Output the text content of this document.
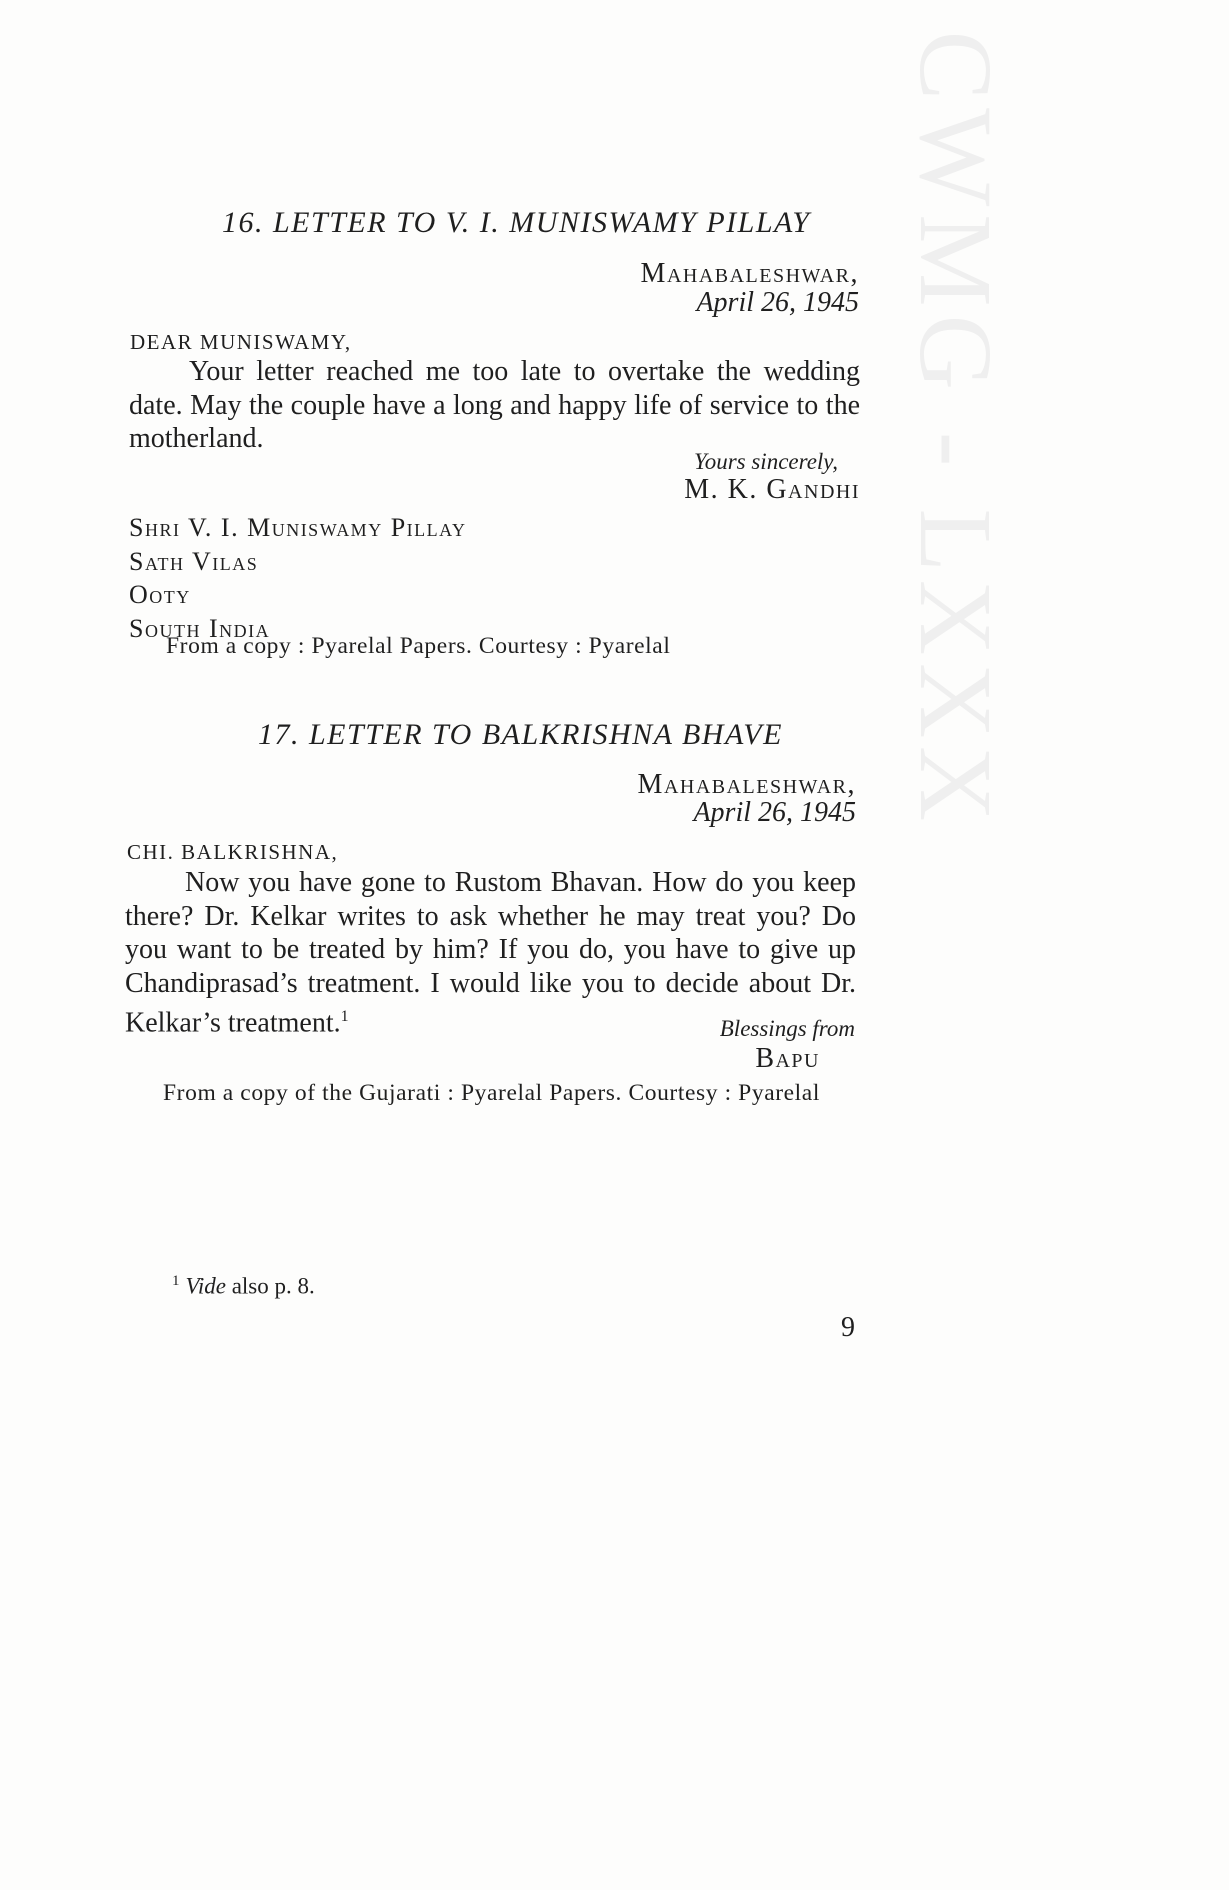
CWMG - LXXX
16. LETTER TO V. I. MUNISWAMY PILLAY
Mahabaleshwar,
April 26, 1945
DEAR MUNISWAMY,

Your letter reached me too late to overtake the wedding date. May the couple have a long and happy life of service to the motherland.

Yours sincerely,
M. K. Gandhi
Shri V. I. Muniswamy Pillay
Sath Vilas
Ooty
South India
From a copy : Pyarelal Papers. Courtesy : Pyarelal
17. LETTER TO BALKRISHNA BHAVE
Mahabaleshwar,
April 26, 1945
CHI. BALKRISHNA,

Now you have gone to Rustom Bhavan. How do you keep there? Dr. Kelkar writes to ask whether he may treat you? Do you want to be treated by him? If you do, you have to give up Chandiprasad’s treatment. I would like you to decide about Dr. Kelkar’s treatment.$^1$	Blessings from
Bapu
From a copy of the Gujarati : Pyarelal Papers. Courtesy : Pyarelal
$^1$ Vide also p. 8.
9
